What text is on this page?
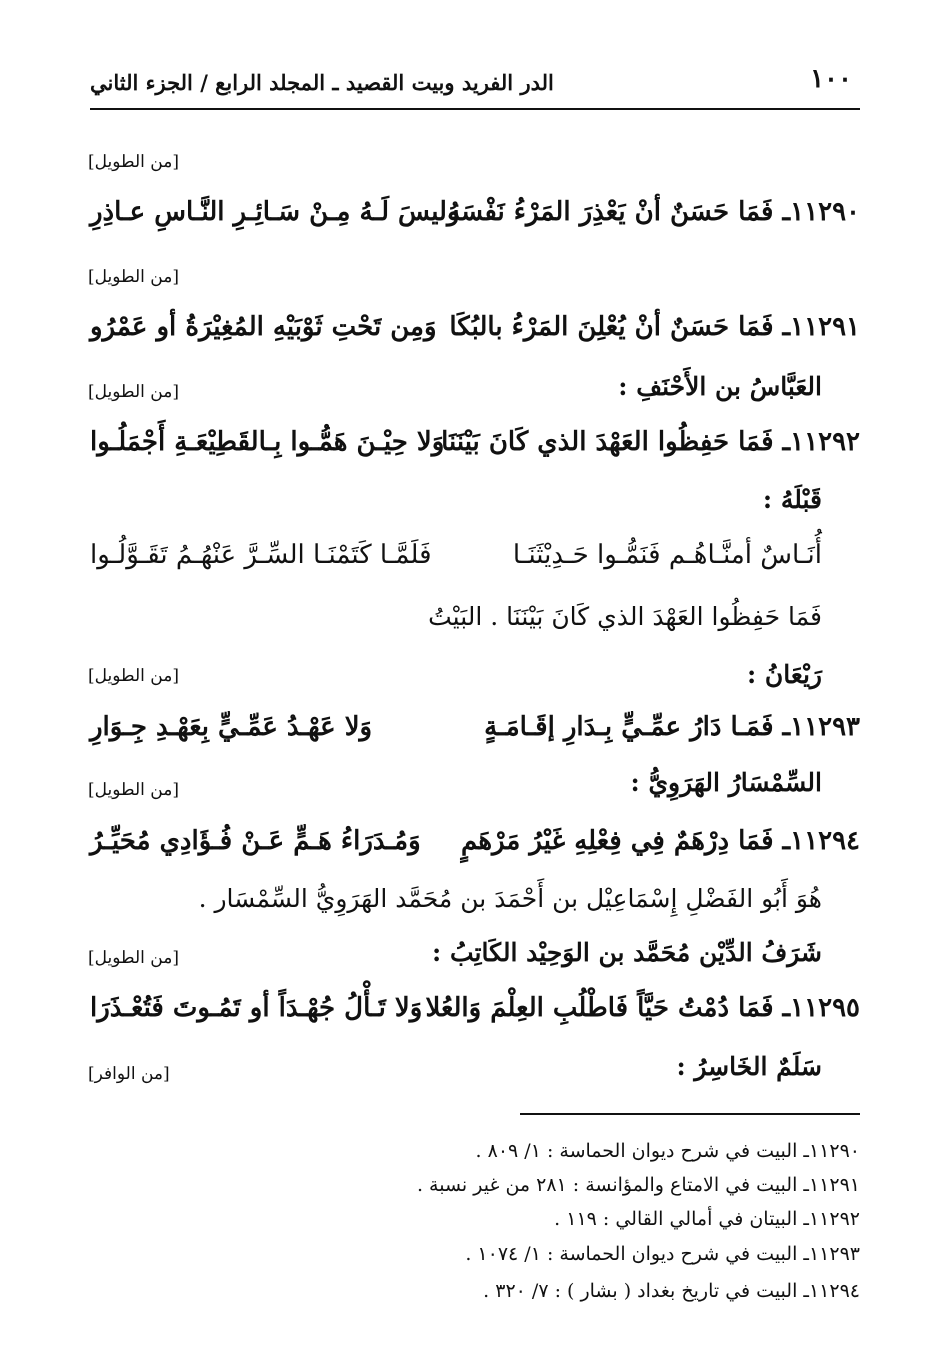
١٠٠
الدر الفريد وبيت القصيد ـ المجلد الرابع / الجزء الثاني
[من الطويل]
١١٢٩٠ـ فَمَا حَسَنٌ أنْ يَعْذِرَ المَرْءُ نَفْسَهُ
وليسَ لَـهُ مِـنْ سَـائِـرِ النَّـاسِ عـاذِرِ
[من الطويل]
١١٢٩١ـ فَمَا حَسَنٌ أنْ يُعْلِنَ المَرْءُ بالبُكَا
وَمِن تَحْتِ ثَوْبَيْهِ المُغِيْرَةُ أو عَمْرُو
العَبَّاسُ بن الأَحْنَفِ :
[من الطويل]
١١٢٩٢ـ فَمَا حَفِظُوا العَهْدَ الذي كَانَ بَيْنَنَا
وَلا حِيْـنَ هَمُّـوا بِـالقَطِيْعَـةِ أَجْمَلُـوا
قَبْلَهُ :
أُنَـاسٌ أمنَّـاهُـم فَنَمُّـوا حَـدِيْثَنَـا
فَلَمَّـا كَتَمْنَـا السِّـرَّ عَنْهُـمُ تَقَـوَّلُـوا
فَمَا حَفِظُوا العَهْدَ الذي كَانَ بَيْنَنَا . البَيْتُ
رَيْعَانُ :
[من الطويل]
١١٢٩٣ـ فَمَـا دَارُ عمِّـيٍّ بِـدَارِ إقَـامَـةٍ
وَلا عَهْـدُ عَمِّـيٍّ بِعَهْـدِ جِـوَارِ
السِّمْسَارُ الهَرَوِيُّ :
[من الطويل]
١١٢٩٤ـ فَمَا دِرْهَمٌ فِي فِعْلِهِ غَيْرُ مَرْهَمٍ
وَمُـدَرَاءُ هَـمٍّ عَـنْ فُـؤَادِي مُحَيِّـرُ
هُوَ أَبُو الفَضْلِ إِسْمَاعِيْل بن أَحْمَدَ بن مُحَمَّد الهَرَوِيُّ السِّمْسَار .
شَرَفُ الدِّيْن مُحَمَّد بن الوَحِيْد الكَاتِبُ :
[من الطويل]
١١٢٩٥ـ فَمَا دُمْتُ حَيَّاً فَاطْلُبِ العِلْمَ وَالعُلا
وَلا تَـأْلُ جُهْـدَاً أو تَمُـوتَ فَتُعْـذَرَا
سَلَمٌ الخَاسِرُ :
[من الوافر]
١١٢٩٠ـ البيت في شرح ديوان الحماسة : ١/ ٨٠٩ .
١١٢٩١ـ البيت في الامتاع والمؤانسة : ٢٨١ من غير نسبة .
١١٢٩٢ـ البيتان في أمالي القالي : ١١٩ .
١١٢٩٣ـ البيت في شرح ديوان الحماسة : ١/ ١٠٧٤ .
١١٢٩٤ـ البيت في تاريخ بغداد ( بشار ) : ٧/ ٣٢٠ .
